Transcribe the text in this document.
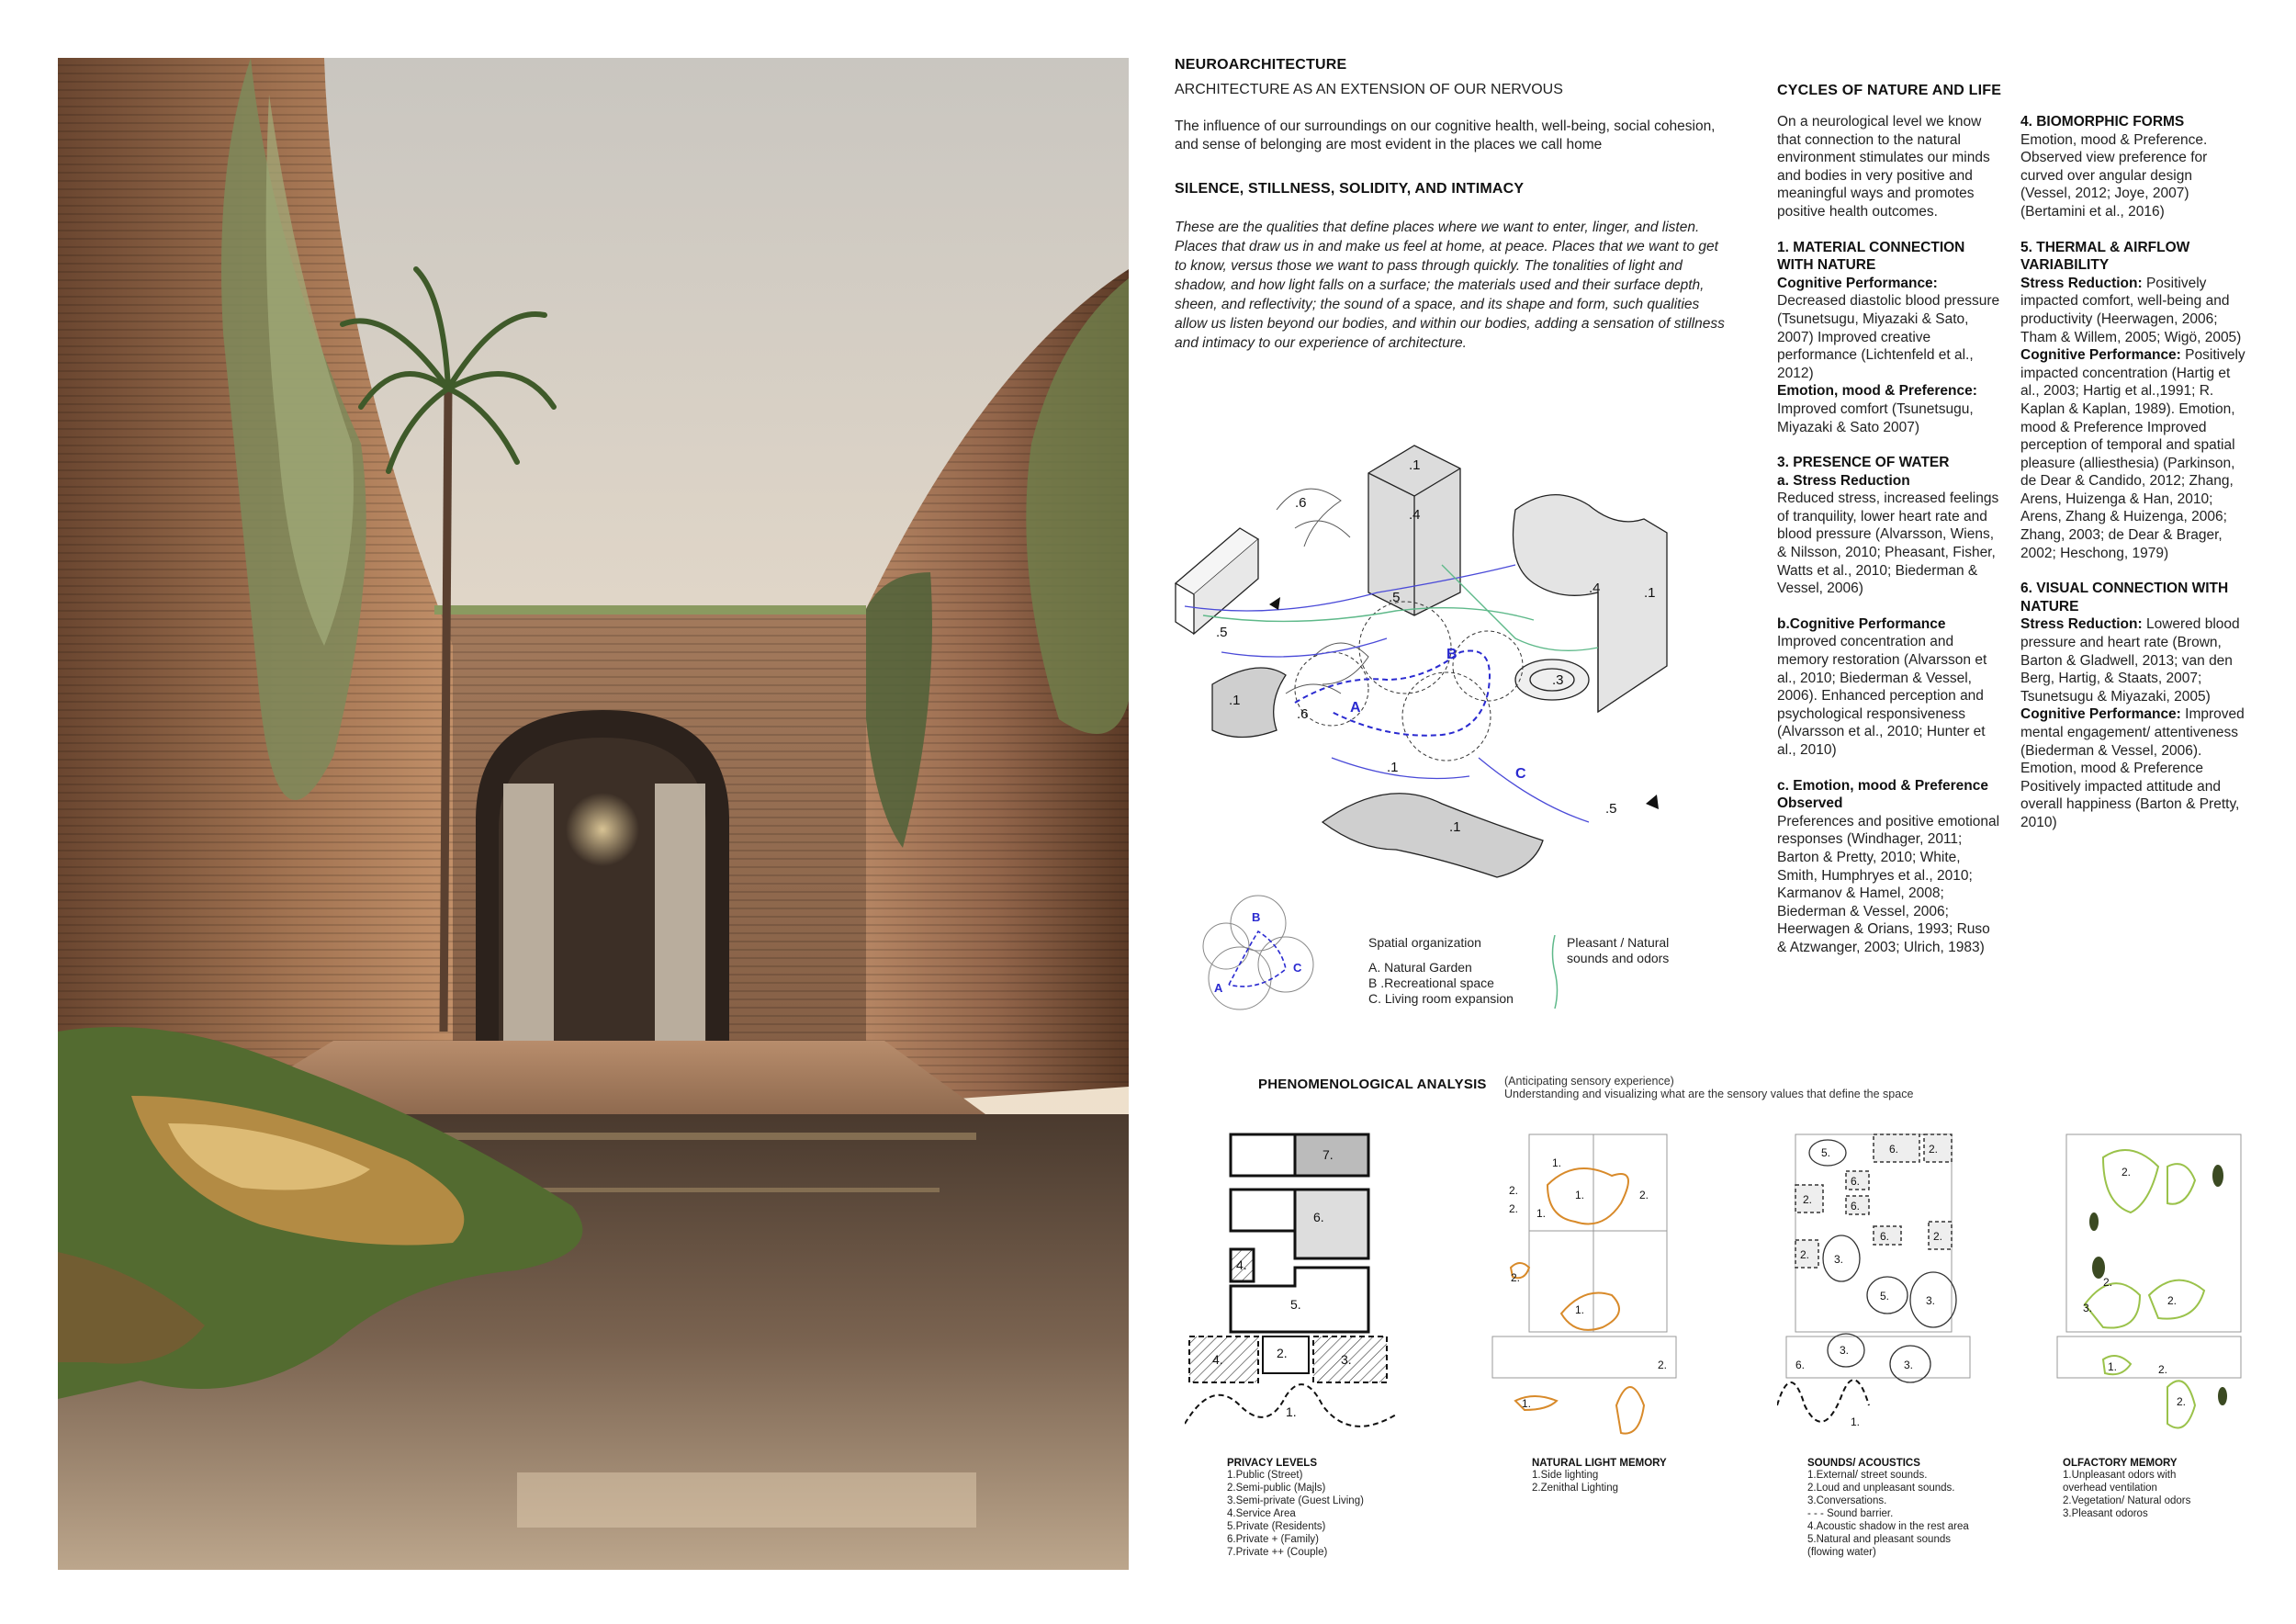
NEUROARCHITECTURE
ARCHITECTURE AS AN EXTENSION OF OUR NERVOUS
The influence of our surroundings on our cognitive health, well-being, social cohesion, and sense of belonging are most evident in the places we call home
SILENCE, STILLNESS, SOLIDITY, AND INTIMACY
These are the qualities that define places where we want to enter, linger, and listen. Places that draw us in and make us feel at home, at peace. Places that we want to get to know, versus those we want to pass through quickly. The tonalities of light and shadow, and how light falls on a surface; the materials used and their surface depth, sheen, and reflectivity; the sound of a space, and its shape and form, such qualities allow us listen beyond our bodies, and within our bodies, adding a sensation of stillness and intimacy to our experience of architecture.
.1
.4
.6
.5
.5
.4	.1
.1
.3
.6
.1
.5
.1
A
B
C
B
A
C
Spatial organization
A. Natural Garden
B .Recreational space
C. Living room expansion
Pleasant / Natural sounds and odors
CYCLES OF NATURE AND LIFE
On a neurological level we know that connection to the natural environment stimulates our minds and bodies in very positive and meaningful ways and promotes positive health outcomes.
1. MATERIAL CONNECTION WITH NATURE
Cognitive Performance:
Decreased diastolic blood pressure (Tsunetsugu, Miyazaki & Sato, 2007) Improved creative performance (Lichtenfeld et al., 2012)
Emotion, mood & Preference:
Improved comfort (Tsunetsugu, Miyazaki & Sato 2007)
3. PRESENCE OF WATER
a. Stress Reduction
Reduced stress, increased feelings of tranquility, lower heart rate and blood pressure (Alvarsson, Wiens, & Nilsson, 2010; Pheasant, Fisher, Watts et al., 2010; Biederman & Vessel, 2006)
b.Cognitive Performance
Improved concentration and memory restoration (Alvarsson et al., 2010; Biederman & Vessel, 2006). Enhanced perception and psychological responsiveness (Alvarsson et al., 2010; Hunter et al., 2010)
c. Emotion, mood & Preference Observed
Preferences and positive emotional responses (Windhager, 2011; Barton & Pretty, 2010; White, Smith, Humphryes et al., 2010; Karmanov & Hamel, 2008; Biederman & Vessel, 2006; Heerwagen & Orians, 1993; Ruso & Atzwanger, 2003; Ulrich, 1983)
4. BIOMORPHIC FORMS
Emotion, mood & Preference. Observed view preference for curved over angular design (Vessel, 2012; Joye, 2007) (Bertamini et al., 2016)
5. THERMAL & AIRFLOW VARIABILITY
Stress Reduction: Positively impacted comfort, well-being and productivity (Heerwagen, 2006; Tham & Willem, 2005; Wigö, 2005)
Cognitive Performance: Positively impacted concentration (Hartig et al., 2003; Hartig et al.,1991; R. Kaplan & Kaplan, 1989). Emotion, mood & Preference Improved perception of temporal and spatial pleasure (alliesthesia) (Parkinson, de Dear & Candido, 2012; Zhang, Arens, Huizenga & Han, 2010; Arens, Zhang & Huizenga, 2006; Zhang, 2003; de Dear & Brager, 2002; Heschong, 1979)
6. VISUAL CONNECTION WITH NATURE
Stress Reduction: Lowered blood pressure and heart rate (Brown, Barton & Gladwell, 2013; van den Berg, Hartig, & Staats, 2007; Tsunetsugu & Miyazaki, 2005)
Cognitive Performance: Improved mental engagement/ attentiveness (Biederman & Vessel, 2006). Emotion, mood & Preference Positively impacted attitude and overall happiness (Barton & Pretty, 2010)
PHENOMENOLOGICAL ANALYSIS (Anticipating sensory experience)
Understanding and visualizing what are the sensory values that define the space
7.
6.
4.
5.
4.	2.	3.
1.
1.
1.
1.
2.
2.
2.
2.
1.
2.
1.
5.	6.	2.
2.
6.
6.
2.
6.
3.
2.
5.	3.
3.
6.	3.
1.
2.
2.
2.
3.
2.
1.
2.
PRIVACY LEVELS
1.Public (Street)
2.Semi-public (Majls)
3.Semi-private (Guest Living)
4.Service Area
5.Private (Residents)
6.Private + (Family)
7.Private ++ (Couple)
NATURAL LIGHT MEMORY
1.Side lighting
2.Zenithal Lighting
SOUNDS/ ACOUSTICS
1.External/ street sounds.
2.Loud and unpleasant sounds.
3.Conversations.
- - - Sound barrier.
4.Acoustic shadow in the rest area
5.Natural and pleasant sounds (flowing water)
OLFACTORY MEMORY
1.Unpleasant odors with overhead ventilation
2.Vegetation/ Natural odors
3.Pleasant odoros
